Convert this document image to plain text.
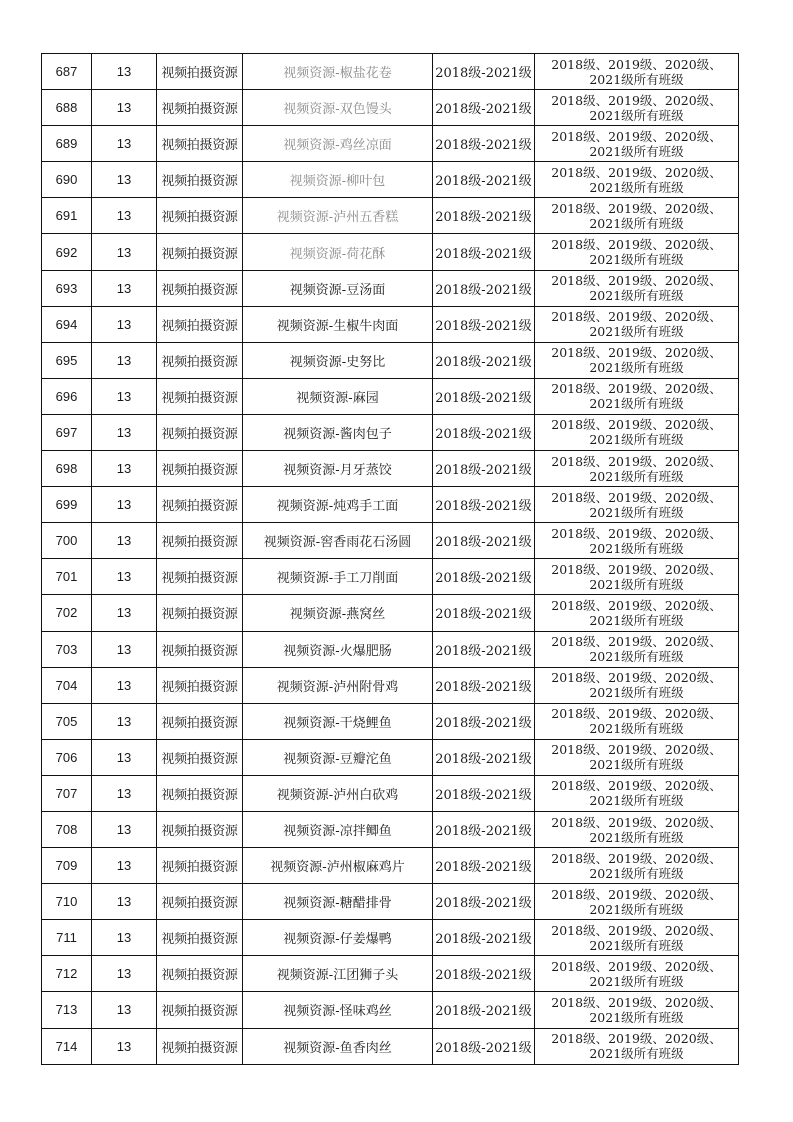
687	13	视频拍摄资源	视频资源-椒盐花卷	2018级-2021级	2018级、2019级、2020级、
2021级所有班级

688	13	视频拍摄资源	视频资源-双色馒头	2018级-2021级	2018级、2019级、2020级、
2021级所有班级

689	13	视频拍摄资源	视频资源-鸡丝凉面	2018级-2021级	2018级、2019级、2020级、
2021级所有班级

690	13	视频拍摄资源	视频资源-柳叶包	2018级-2021级	2018级、2019级、2020级、
2021级所有班级

691	13	视频拍摄资源	视频资源-泸州五香糕	2018级-2021级	2018级、2019级、2020级、
2021级所有班级

692	13	视频拍摄资源	视频资源-荷花酥	2018级-2021级	2018级、2019级、2020级、
2021级所有班级

693	13	视频拍摄资源	视频资源-豆汤面	2018级-2021级	2018级、2019级、2020级、
2021级所有班级

694	13	视频拍摄资源	视频资源-生椒牛肉面	2018级-2021级	2018级、2019级、2020级、
2021级所有班级

695	13	视频拍摄资源	视频资源-史努比	2018级-2021级	2018级、2019级、2020级、
2021级所有班级

696	13	视频拍摄资源	视频资源-麻园	2018级-2021级	2018级、2019级、2020级、
2021级所有班级

697	13	视频拍摄资源	视频资源-酱肉包子	2018级-2021级	2018级、2019级、2020级、
2021级所有班级

698	13	视频拍摄资源	视频资源-月牙蒸饺	2018级-2021级	2018级、2019级、2020级、
2021级所有班级

699	13	视频拍摄资源	视频资源-炖鸡手工面	2018级-2021级	2018级、2019级、2020级、
2021级所有班级

700	13	视频拍摄资源	视频资源-窖香雨花石汤圆	2018级-2021级	2018级、2019级、2020级、
2021级所有班级

701	13	视频拍摄资源	视频资源-手工刀削面	2018级-2021级	2018级、2019级、2020级、
2021级所有班级

702	13	视频拍摄资源	视频资源-燕窝丝	2018级-2021级	2018级、2019级、2020级、
2021级所有班级

703	13	视频拍摄资源	视频资源-火爆肥肠	2018级-2021级	2018级、2019级、2020级、
2021级所有班级

704	13	视频拍摄资源	视频资源-泸州附骨鸡	2018级-2021级	2018级、2019级、2020级、
2021级所有班级

705	13	视频拍摄资源	视频资源-干烧鲤鱼	2018级-2021级	2018级、2019级、2020级、
2021级所有班级

706	13	视频拍摄资源	视频资源-豆瓣沱鱼	2018级-2021级	2018级、2019级、2020级、
2021级所有班级

707	13	视频拍摄资源	视频资源-泸州白砍鸡	2018级-2021级	2018级、2019级、2020级、
2021级所有班级

708	13	视频拍摄资源	视频资源-凉拌鲫鱼	2018级-2021级	2018级、2019级、2020级、
2021级所有班级

709	13	视频拍摄资源	视频资源-泸州椒麻鸡片	2018级-2021级	2018级、2019级、2020级、
2021级所有班级

710	13	视频拍摄资源	视频资源-糖醋排骨	2018级-2021级	2018级、2019级、2020级、
2021级所有班级

711	13	视频拍摄资源	视频资源-仔姜爆鸭	2018级-2021级	2018级、2019级、2020级、
2021级所有班级

712	13	视频拍摄资源	视频资源-江团狮子头	2018级-2021级	2018级、2019级、2020级、
2021级所有班级

713	13	视频拍摄资源	视频资源-怪味鸡丝	2018级-2021级	2018级、2019级、2020级、
2021级所有班级

714	13	视频拍摄资源	视频资源-鱼香肉丝	2018级-2021级	2018级、2019级、2020级、
2021级所有班级
